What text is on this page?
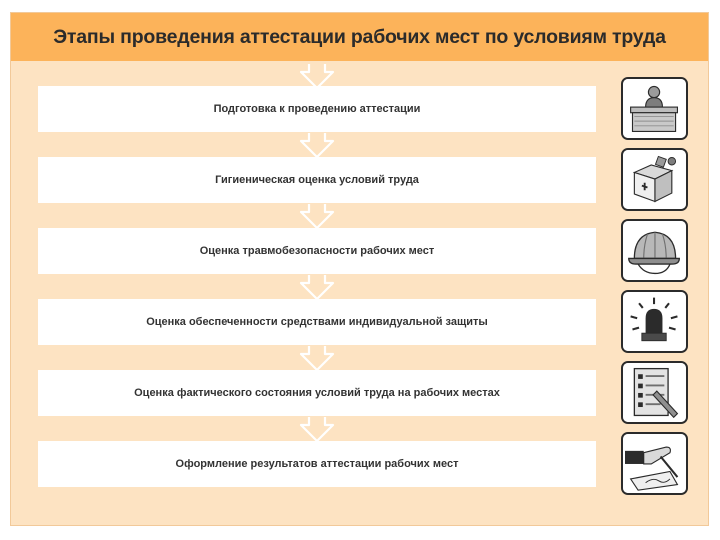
Этапы проведения аттестации рабочих мест по условиям труда
Подготовка к проведению аттестации
Гигиеническая оценка условий труда
Оценка травмобезопасности рабочих мест
Оценка обеспеченности средствами индивидуальной защиты
Оценка фактического состояния условий труда на рабочих местах
Оформление результатов аттестации рабочих мест
